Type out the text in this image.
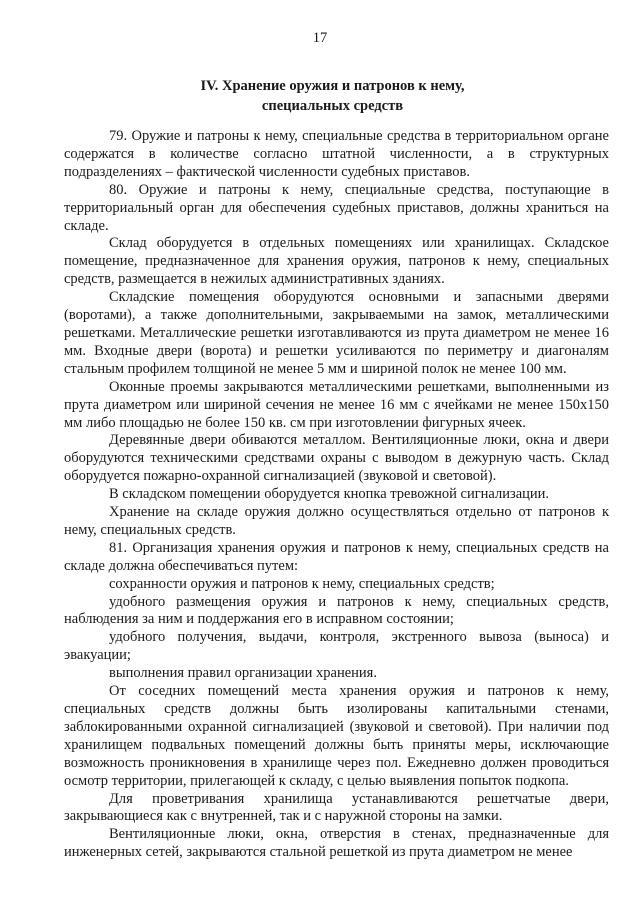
17
IV. Хранение оружия и патронов к нему,
специальных средств

79. Оружие и патроны к нему, специальные средства в территориальном органе содержатся в количестве согласно штатной численности, а в структурных подразделениях – фактической численности судебных приставов.

80. Оружие и патроны к нему, специальные средства, поступающие в территориальный орган для обеспечения судебных приставов, должны храниться на складе.

Склад оборудуется в отдельных помещениях или хранилищах. Складское помещение, предназначенное для хранения оружия, патронов к нему, специальных средств, размещается в нежилых административных зданиях.

Складские помещения оборудуются основными и запасными дверями (воротами), а также дополнительными, закрываемыми на замок, металлическими решетками. Металлические решетки изготавливаются из прута диаметром не менее 16 мм. Входные двери (ворота) и решетки усиливаются по периметру и диагоналям стальным профилем толщиной не менее 5 мм и шириной полок не менее 100 мм.

Оконные проемы закрываются металлическими решетками, выполненными из прута диаметром или шириной сечения не менее 16 мм с ячейками не менее 150х150 мм либо площадью не более 150 кв. см при изготовлении фигурных ячеек.

Деревянные двери обиваются металлом. Вентиляционные люки, окна и двери оборудуются техническими средствами охраны с выводом в дежурную часть. Склад оборудуется пожарно-охранной сигнализацией (звуковой и световой).

В складском помещении оборудуется кнопка тревожной сигнализации.

Хранение на складе оружия должно осуществляться отдельно от патронов к нему, специальных средств.

81. Организация хранения оружия и патронов к нему, специальных средств на складе должна обеспечиваться путем:

сохранности оружия и патронов к нему, специальных средств;

удобного размещения оружия и патронов к нему, специальных средств, наблюдения за ним и поддержания его в исправном состоянии;

удобного получения, выдачи, контроля, экстренного вывоза (выноса) и эвакуации;

выполнения правил организации хранения.

От соседних помещений места хранения оружия и патронов к нему, специальных средств должны быть изолированы капитальными стенами, заблокированными охранной сигнализацией (звуковой и световой). При наличии под хранилищем подвальных помещений должны быть приняты меры, исключающие возможность проникновения в хранилище через пол. Ежедневно должен проводиться осмотр территории, прилегающей к складу, с целью выявления попыток подкопа.

Для проветривания хранилища устанавливаются решетчатые двери, закрывающиеся как с внутренней, так и с наружной стороны на замки.

Вентиляционные люки, окна, отверстия в стенах, предназначенные для инженерных сетей, закрываются стальной решеткой из прута диаметром не менее
